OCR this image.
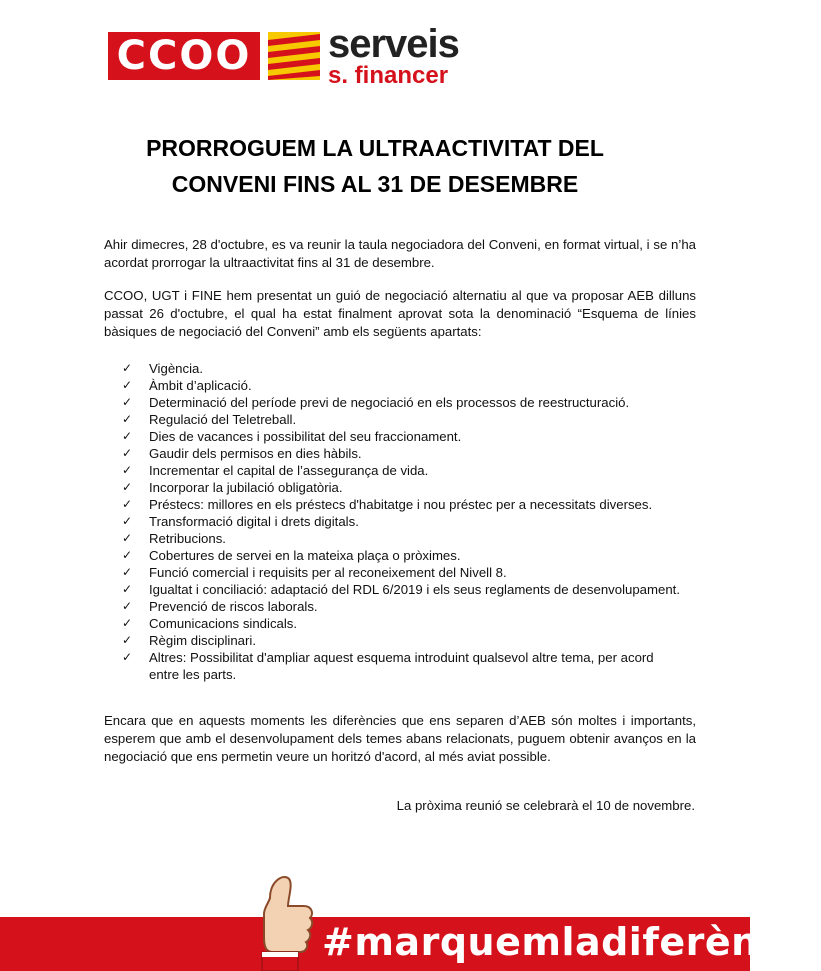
CCOO serveis
s. financer
PRORROGUEM LA ULTRAACTIVITAT DEL
CONVENI FINS AL 31 DE DESEMBRE
Ahir dimecres, 28 d'octubre, es va reunir la taula negociadora del Conveni, en format virtual, i se n’ha acordat prorrogar la ultraactivitat fins al 31 de desembre.
CCOO, UGT i FINE hem presentat un guió de negociació alternatiu al que va proposar AEB dilluns passat 26 d'octubre, el qual ha estat finalment aprovat sota la denominació “Esquema de línies bàsiques de negociació del Conveni” amb els següents apartats:
✓ Vigència.
✓ Àmbit d’aplicació.
✓ Determinació del període previ de negociació en els processos de reestructuració.
✓ Regulació del Teletreball.
✓ Dies de vacances i possibilitat del seu fraccionament.
✓ Gaudir dels permisos en dies hàbils.
✓ Incrementar el capital de l’assegurança de vida.
✓ Incorporar la jubilació obligatòria.
✓ Préstecs: millores en els préstecs d'habitatge i nou préstec per a necessitats diverses.
✓ Transformació digital i drets digitals.
✓ Retribucions.
✓ Cobertures de servei en la mateixa plaça o pròximes.
✓ Funció comercial i requisits per al reconeixement del Nivell 8.
✓ Igualtat i conciliació: adaptació del RDL 6/2019 i els seus reglaments de desenvolupament.
✓ Prevenció de riscos laborals.
✓ Comunicacions sindicals.
✓ Règim disciplinari.
✓ Altres: Possibilitat d'ampliar aquest esquema introduint qualsevol altre tema, per acord entre les parts.
Encara que en aquests moments les diferències que ens separen d’AEB són moltes i importants, esperem que amb el desenvolupament dels temes abans relacionats, puguem obtenir avanços en la negociació que ens permetin veure un horitzó d'acord, al més aviat possible.
La pròxima reunió se celebrarà el 10 de novembre.
#marquemladiferència
